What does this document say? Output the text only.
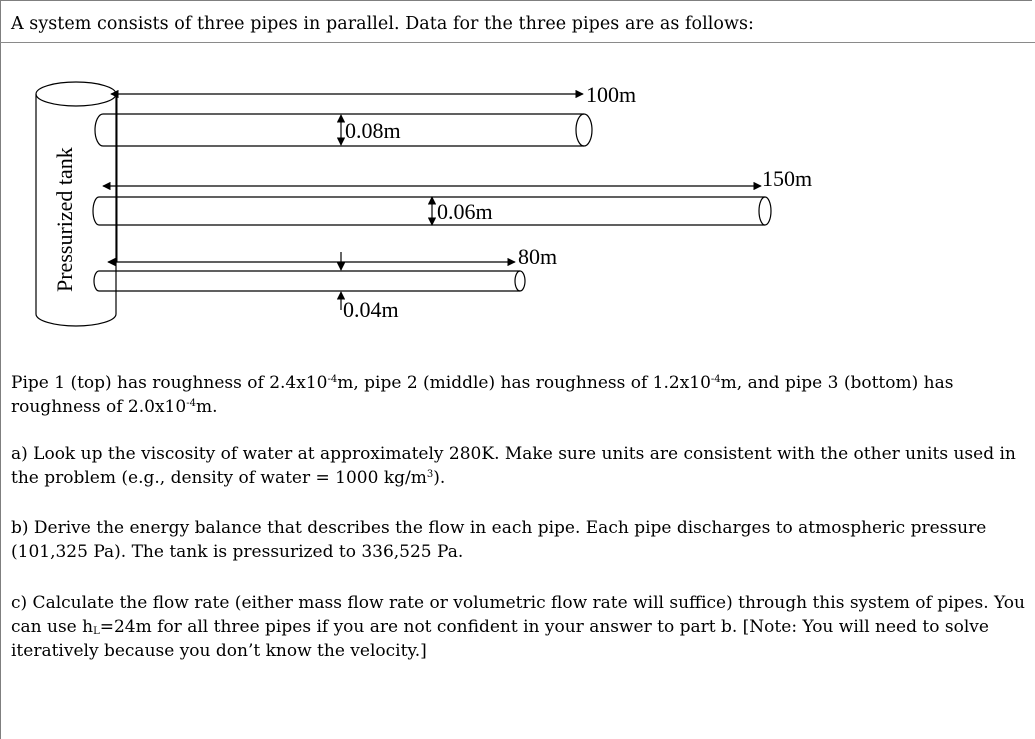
A system consists of three pipes in parallel. Data for the three pipes are as follows:
Pressurized tank
100m
0.08m
150m
0.06m
80m
0.04m

Pipe 1 (top) has roughness of $2.4x10^{-4}m$, pipe 2 (middle) has roughness of $1.2x10^{-4}m$, and pipe 3 (bottom) has roughness of $2.0x10^{-4}m$.

a) Look up the viscosity of water at approximately 280K. Make sure units are consistent with the other units used in the problem (e.g., density of water = 1000 $kg/m^3$).

b) Derive the energy balance that describes the flow in each pipe. Each pipe discharges to atmospheric pressure (101,325 Pa). The tank is pressurized to 336,525 Pa.

c) Calculate the flow rate (either mass flow rate or volumetric flow rate will suffice) through this system of pipes. You can use $h_L=24m$ for all three pipes if you are not confident in your answer to part b. [Note: You will need to solve iteratively because you don’t know the velocity.]
